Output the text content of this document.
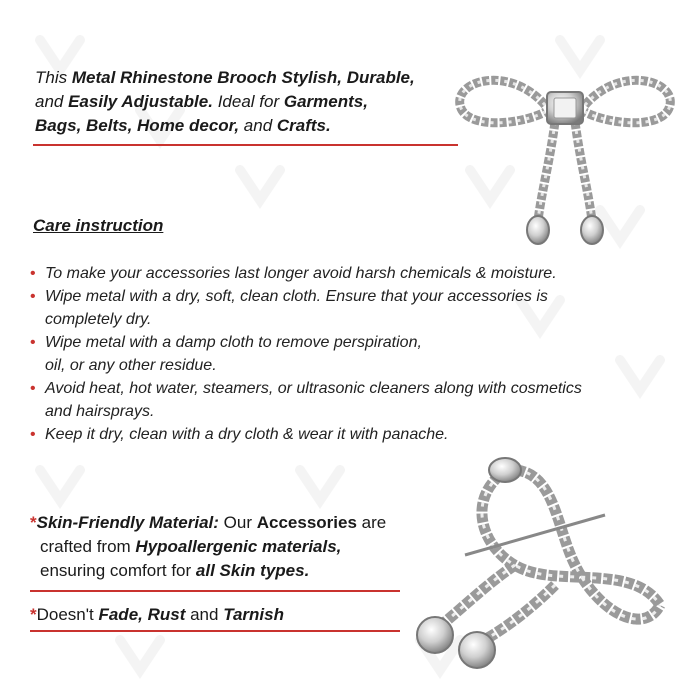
This Metal Rhinestone Brooch Stylish, Durable,
and Easily Adjustable. Ideal for Garments,
Bags, Belts, Home decor, and Crafts.
Care instruction
• To make your accessories last longer avoid harsh chemicals & moisture.
• Wipe metal with a dry, soft, clean cloth. Ensure that your accessories is
completely dry.
• Wipe metal with a damp cloth to remove perspiration,
oil, or any other residue.
• Avoid heat, hot water, steamers, or ultrasonic cleaners along with cosmetics
and hairsprays.
• Keep it dry, clean with a dry cloth & wear it with panache.
*Skin-Friendly Material: Our Accessories are
crafted from Hypoallergenic materials,
ensuring comfort for all Skin types.
*Doesn't Fade, Rust and Tarnish
